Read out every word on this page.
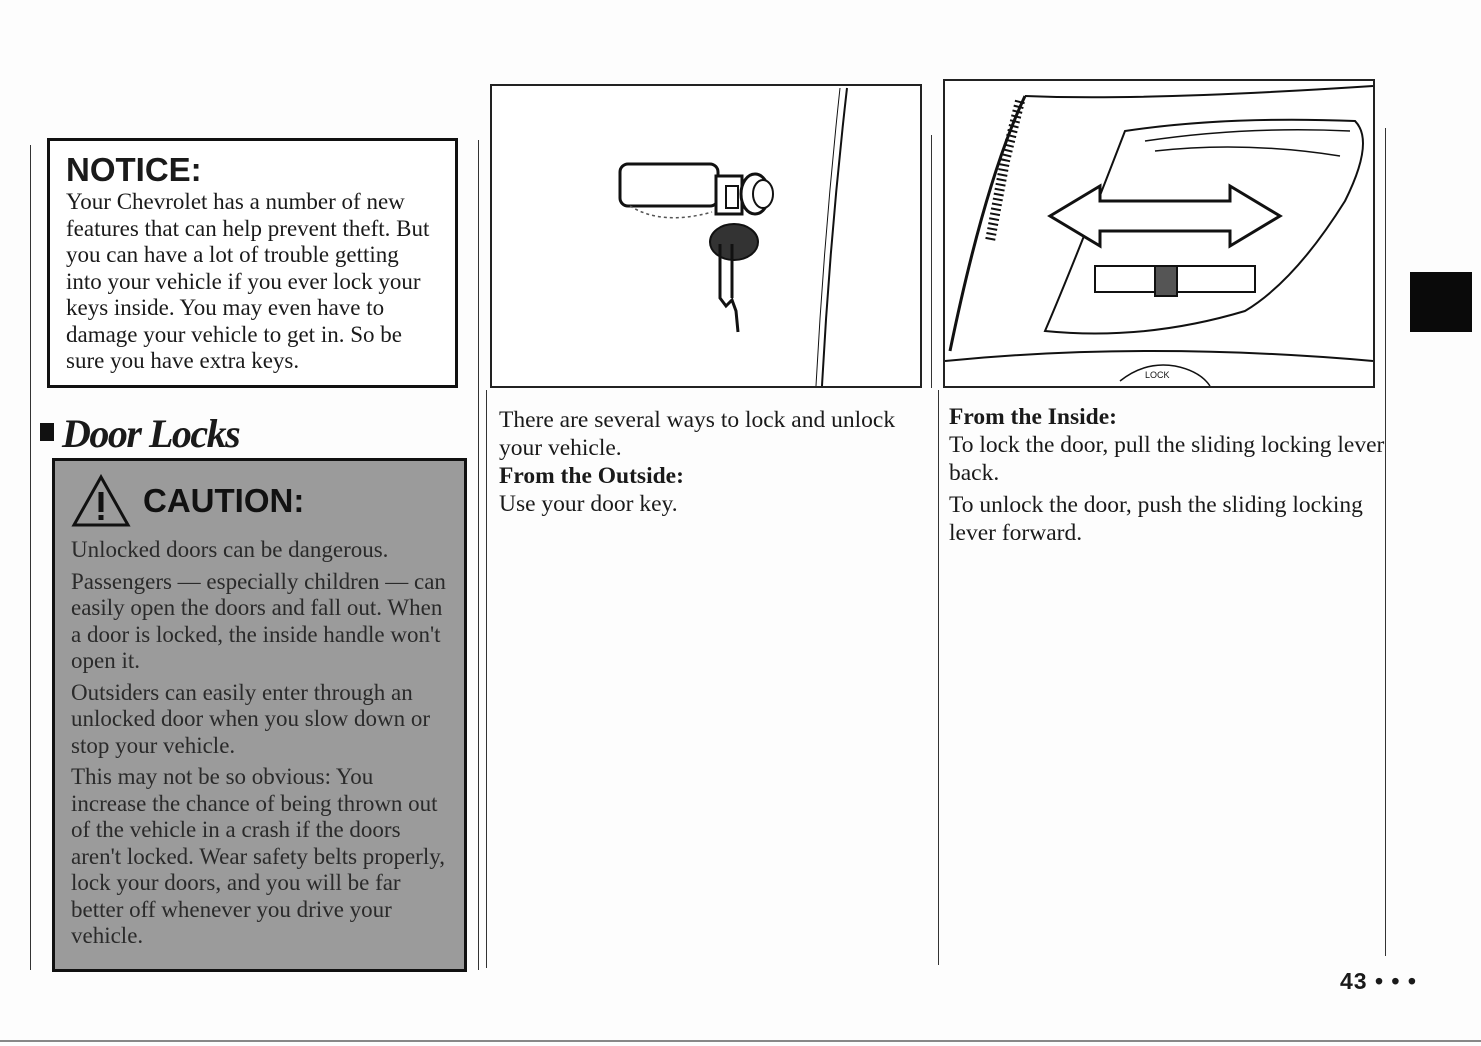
NOTICE:
Your Chevrolet has a number of new features that can help prevent theft. But you can have a lot of trouble getting into your vehicle if you ever lock your keys inside. You may even have to damage your vehicle to get in. So be sure you have extra keys.
Door Locks
CAUTION:

Unlocked doors can be dangerous.

Passengers — especially children — can easily open the doors and fall out. When a door is locked, the inside handle won't open it.

Outsiders can easily enter through an unlocked door when you slow down or stop your vehicle.

This may not be so obvious: You increase the chance of being thrown out of the vehicle in a crash if the doors aren't locked. Wear safety belts properly, lock your doors, and you will be far better off whenever you drive your vehicle.

LOCK

There are several ways to lock and unlock your vehicle.

From the Outside:

Use your door key.

From the Inside:

To lock the door, pull the sliding locking lever back.

To unlock the door, push the sliding locking lever forward.

43 • • •
